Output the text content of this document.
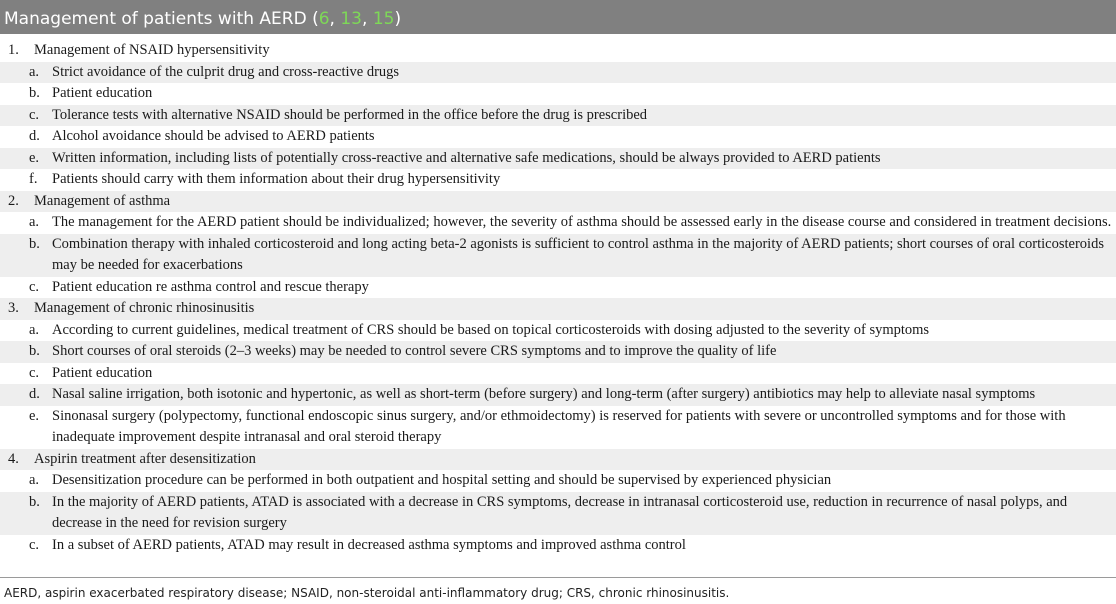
Management of patients with AERD (6, 13, 15)
1. Management of NSAID hypersensitivity
a. Strict avoidance of the culprit drug and cross-reactive drugs
b. Patient education
c. Tolerance tests with alternative NSAID should be performed in the office before the drug is prescribed
d. Alcohol avoidance should be advised to AERD patients
e. Written information, including lists of potentially cross-reactive and alternative safe medications, should be always provided to AERD patients
f. Patients should carry with them information about their drug hypersensitivity
2. Management of asthma
a. The management for the AERD patient should be individualized; however, the severity of asthma should be assessed early in the disease course and considered in treatment decisions.
b. Combination therapy with inhaled corticosteroid and long acting beta-2 agonists is sufficient to control asthma in the majority of AERD patients; short courses of oral corticosteroids may be needed for exacerbations
c. Patient education re asthma control and rescue therapy
3. Management of chronic rhinosinusitis
a. According to current guidelines, medical treatment of CRS should be based on topical corticosteroids with dosing adjusted to the severity of symptoms
b. Short courses of oral steroids (2–3 weeks) may be needed to control severe CRS symptoms and to improve the quality of life
c. Patient education
d. Nasal saline irrigation, both isotonic and hypertonic, as well as short-term (before surgery) and long-term (after surgery) antibiotics may help to alleviate nasal symptoms
e. Sinonasal surgery (polypectomy, functional endoscopic sinus surgery, and/or ethmoidectomy) is reserved for patients with severe or uncontrolled symptoms and for those with inadequate improvement despite intranasal and oral steroid therapy
4. Aspirin treatment after desensitization
a. Desensitization procedure can be performed in both outpatient and hospital setting and should be supervised by experienced physician
b. In the majority of AERD patients, ATAD is associated with a decrease in CRS symptoms, decrease in intranasal corticosteroid use, reduction in recurrence of nasal polyps, and decrease in the need for revision surgery
c. In a subset of AERD patients, ATAD may result in decreased asthma symptoms and improved asthma control
AERD, aspirin exacerbated respiratory disease; NSAID, non-steroidal anti-inflammatory drug; CRS, chronic rhinosinusitis.
